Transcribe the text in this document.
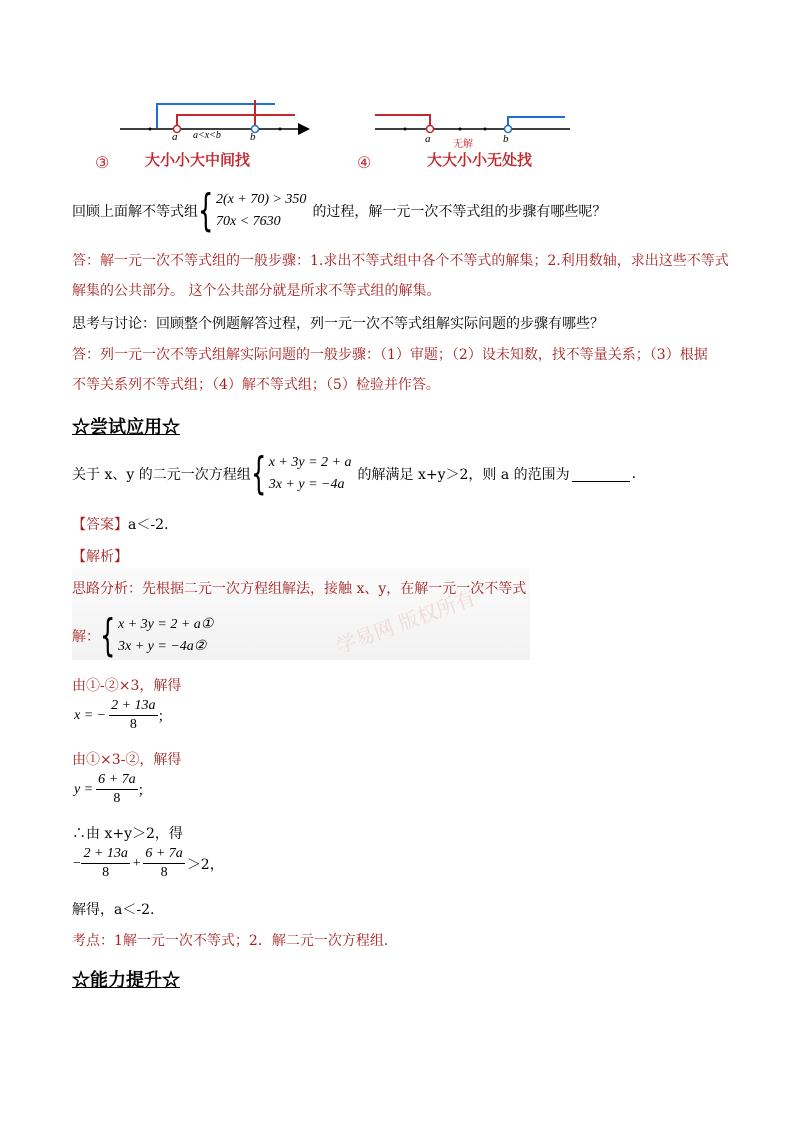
a a<x<b	b
③ 大小小大中间找
a 无解	b
④	大大小小无处找
回顾上面解不等式组 { 2(x + 70) > 350
70x < 7630
的过程，解一元一次不等式组的步骤有哪些呢？
答：解一元一次不等式组的一般步骤：1.求出不等式组中各个不等式的解集；2.利用数轴，求出这些不等式
解集的公共部分。 这个公共部分就是所求不等式组的解集。
思考与讨论：回顾整个例题解答过程，列一元一次不等式组解实际问题的步骤有哪些？
答：列一元一次不等式组解实际问题的一般步骤：（1）审题；（2）设未知数，找不等量关系；（3）根据
不等关系列不等式组；（4）解不等式组；（5）检验并作答。
☆尝试应用☆
关于 x、y 的二元一次方程组 { x + 3y = 2 + a
3x + y = −4a
的解满足 x+y＞2，则 a 的范围为	.
【答案】a＜-2.
【解析】
学易网 版权所有
思路分析：先根据二元一次方程组解法，接触 x、y，在解一元一次不等式
解： { x + 3y = 2 + a①
3x + y = −4a②
由①-②×3，解得
x = − $\frac{2 + 13a}{8}$ ；
由①×3-②，解得
$y = \frac{6 + 7a}{8}$ ；
∴由 x+y＞2，得
− $\frac{2 + 13a}{8} + \frac{6 + 7a}{8} >2$，
解得，a＜-2.
考点：1解一元一次不等式；2．解二元一次方程组．
☆能力提升☆
